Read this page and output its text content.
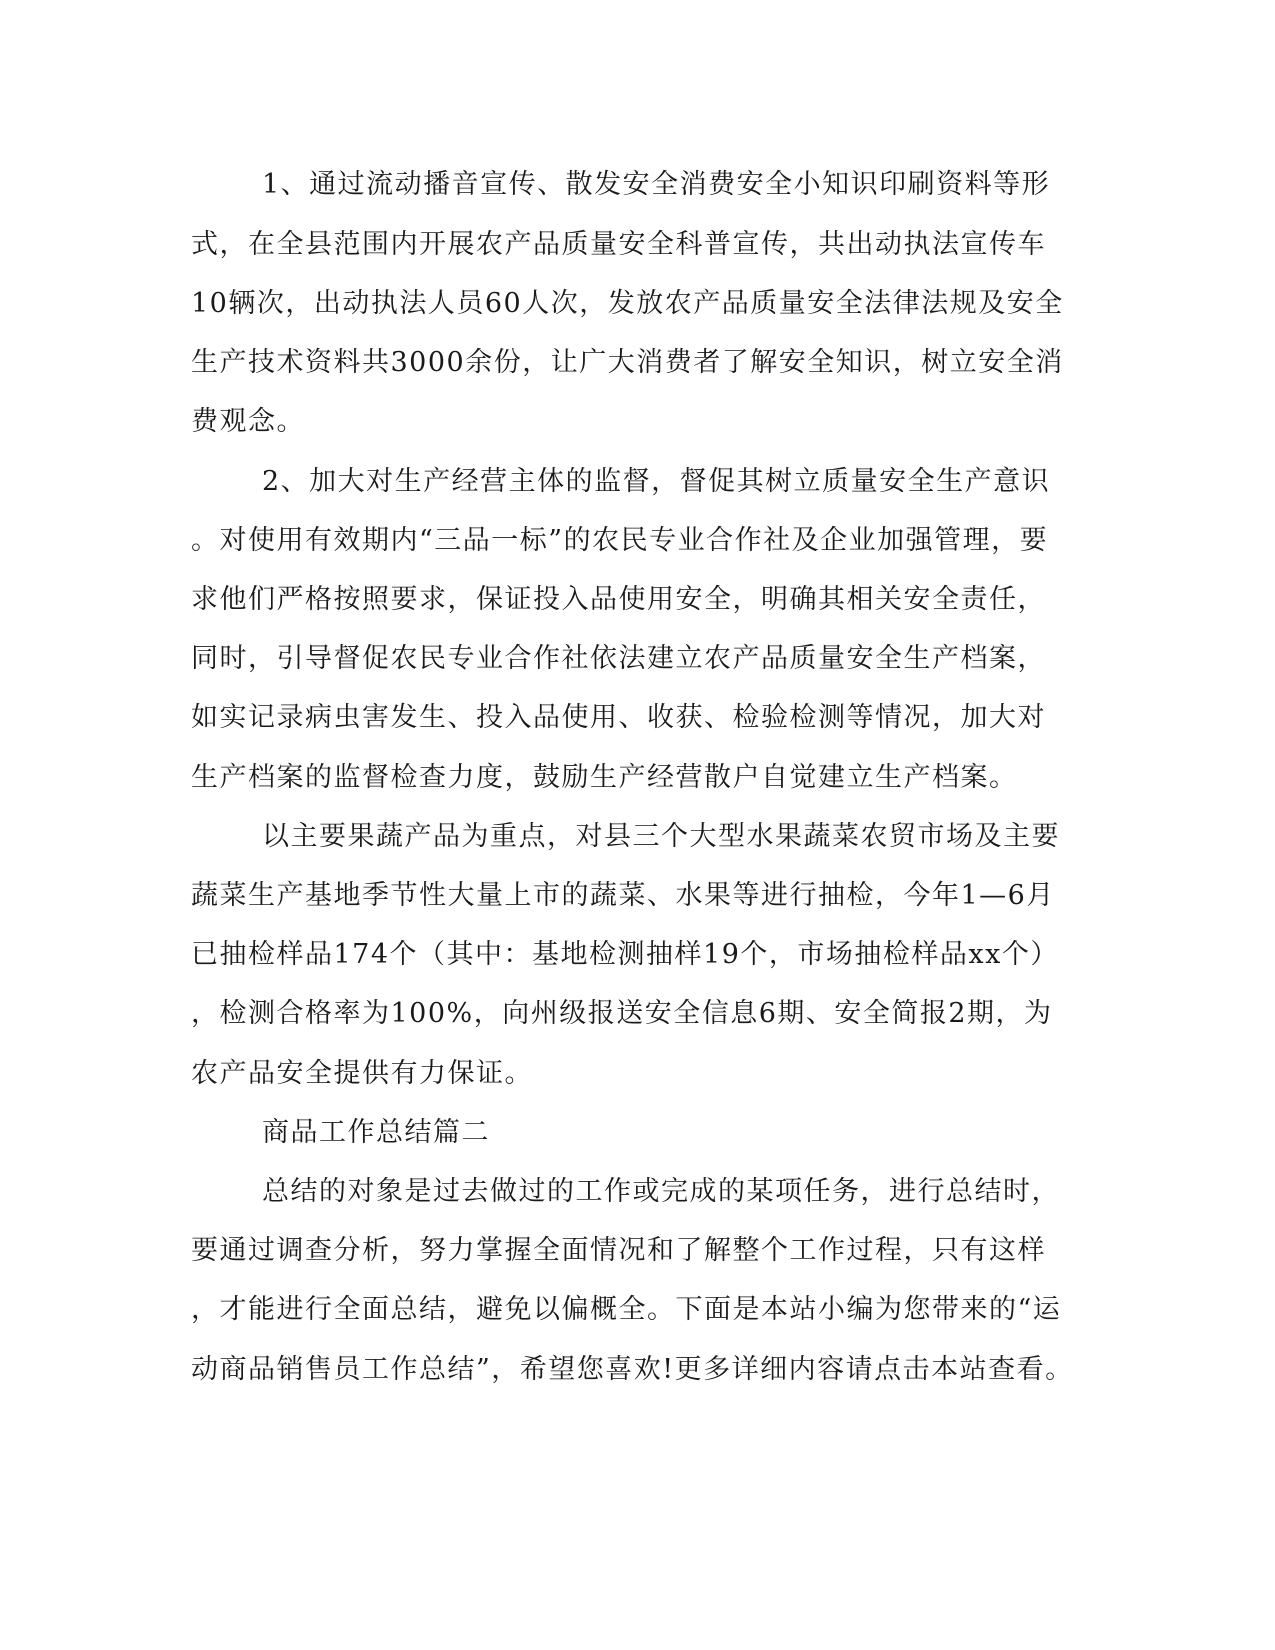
1、通过流动播音宣传、散发安全消费安全小知识印刷资料等形
式，在全县范围内开展农产品质量安全科普宣传，共出动执法宣传车
10辆次，出动执法人员60人次，发放农产品质量安全法律法规及安全
生产技术资料共3000余份，让广大消费者了解安全知识，树立安全消
费观念。
2、加大对生产经营主体的监督，督促其树立质量安全生产意识
。对使用有效期内“三品一标”的农民专业合作社及企业加强管理，要
求他们严格按照要求，保证投入品使用安全，明确其相关安全责任，
同时，引导督促农民专业合作社依法建立农产品质量安全生产档案，
如实记录病虫害发生、投入品使用、收获、检验检测等情况，加大对
生产档案的监督检查力度，鼓励生产经营散户自觉建立生产档案。
以主要果蔬产品为重点，对县三个大型水果蔬菜农贸市场及主要
蔬菜生产基地季节性大量上市的蔬菜、水果等进行抽检，今年1—6月
已抽检样品174个（其中：基地检测抽样19个，市场抽检样品xx个）
，检测合格率为100%，向州级报送安全信息6期、安全简报2期，为
农产品安全提供有力保证。
商品工作总结篇二
总结的对象是过去做过的工作或完成的某项任务，进行总结时，
要通过调查分析，努力掌握全面情况和了解整个工作过程，只有这样
，才能进行全面总结，避免以偏概全。下面是本站小编为您带来的“运
动商品销售员工作总结”，希望您喜欢!更多详细内容请点击本站查看。
